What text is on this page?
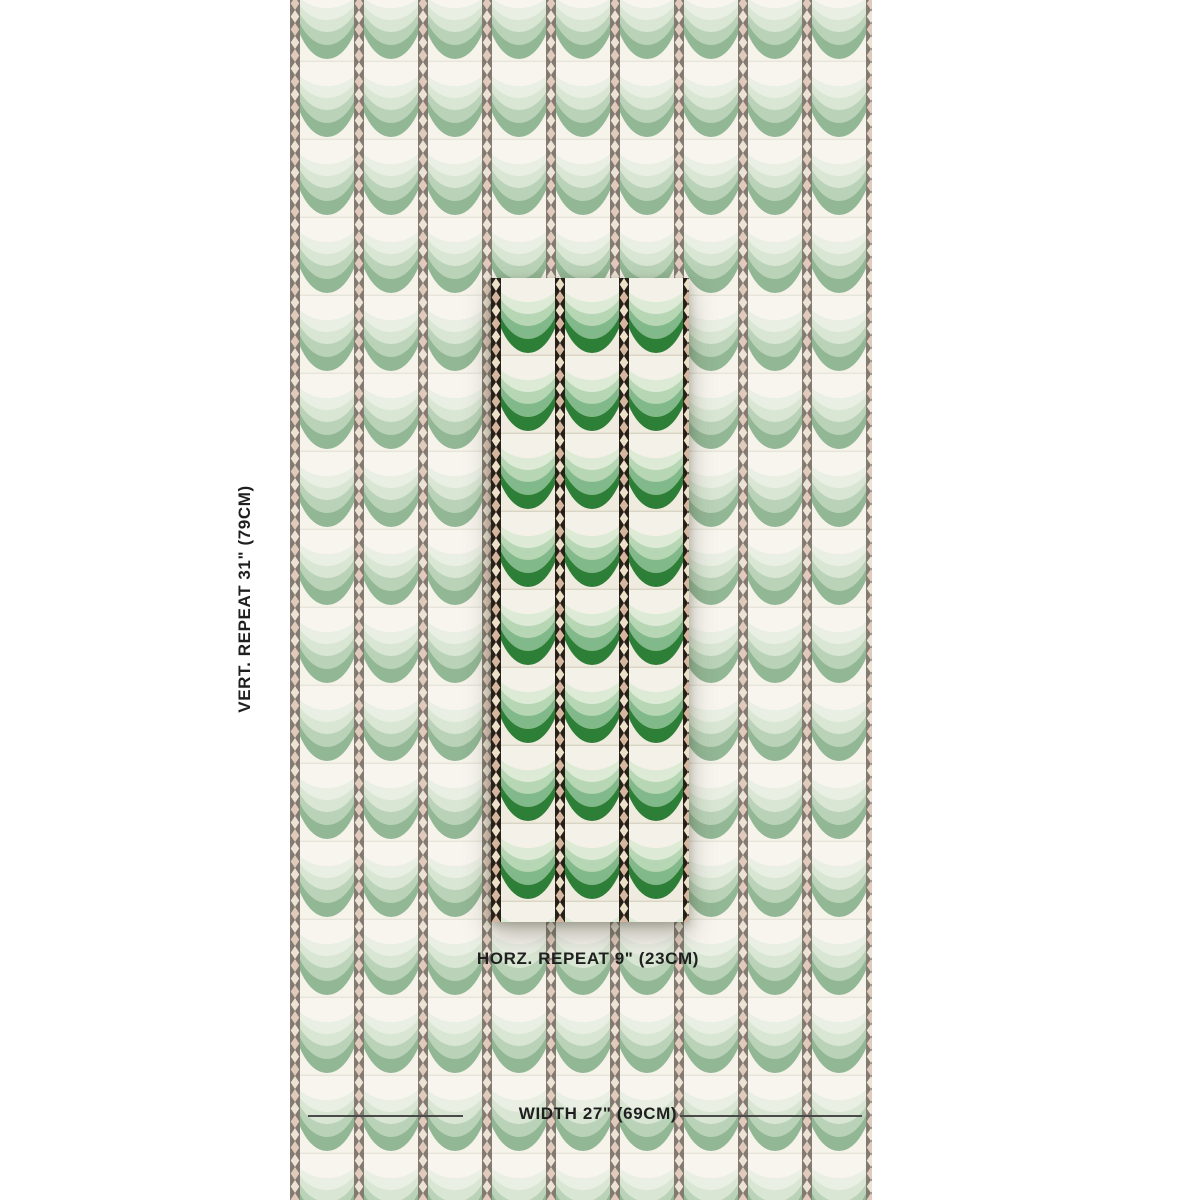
VERT. REPEAT 31" (79CM)
HORZ. REPEAT 9" (23CM)
WIDTH 27" (69CM)
